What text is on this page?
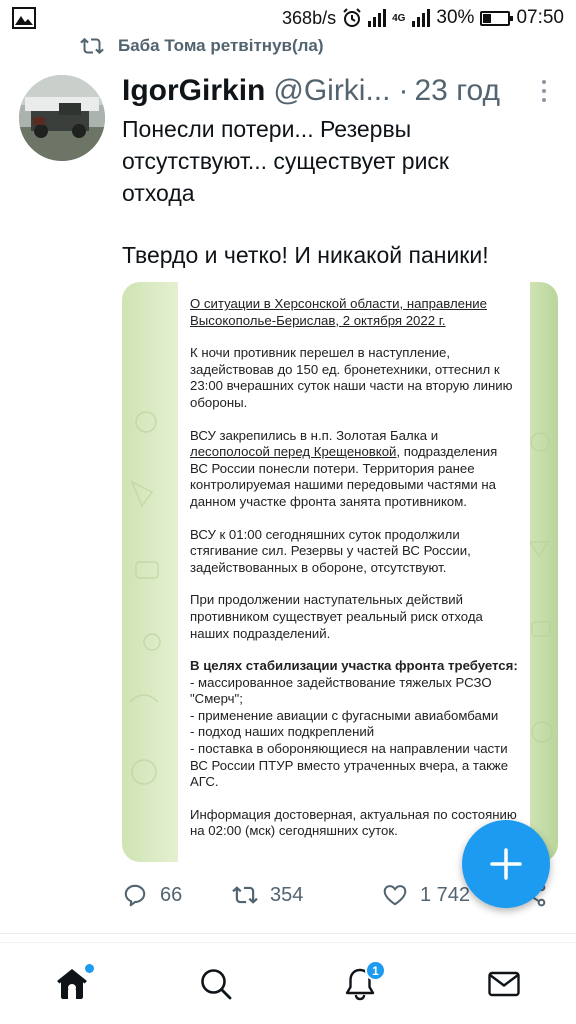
368b/s	4G 30% 07:50
Баба Тома ретвітнув(ла)
IgorGirkin @Girki... · 23 год

Понесли потери... Резервы

отсутствуют... существует риск

отхода

Твердо и четко! И никакой паники!

О ситуации в Херсонской области, направление
Высокополье-Берислав, 2 октября 2022 г.

К ночи противник перешел в наступление, задействовав до 150 ед. бронетехники, оттеснил к 23:00 вчерашних суток наши части на вторую линию обороны.

ВСУ закрепились в н.п. Золотая Балка и
лесополосой перед Крещеновкой, подразделения ВС России понесли потери. Территория ранее контролируемая нашими передовыми частями на данном участке фронта занята противником.

ВСУ к 01:00 сегодняшних суток продолжили стягивание сил. Резервы у частей ВС России, задействованных в обороне, отсутствуют.

При продолжении наступательных действий противником существует реальный риск отхода наших подразделений.

В целях стабилизации участка фронта требуется:
- массированное задействование тяжелых РСЗО "Смерч";
- применение авиации с фугасными авиабомбами
- подход наших подкреплений
- поставка в обороняющиеся на направлении части ВС России ПТУР вместо утраченных вчера, а также АГС.

Информация достоверная, актуальная по состоянию на 02:00 (мск) сегодняшних суток.

66	354	1 742
1
